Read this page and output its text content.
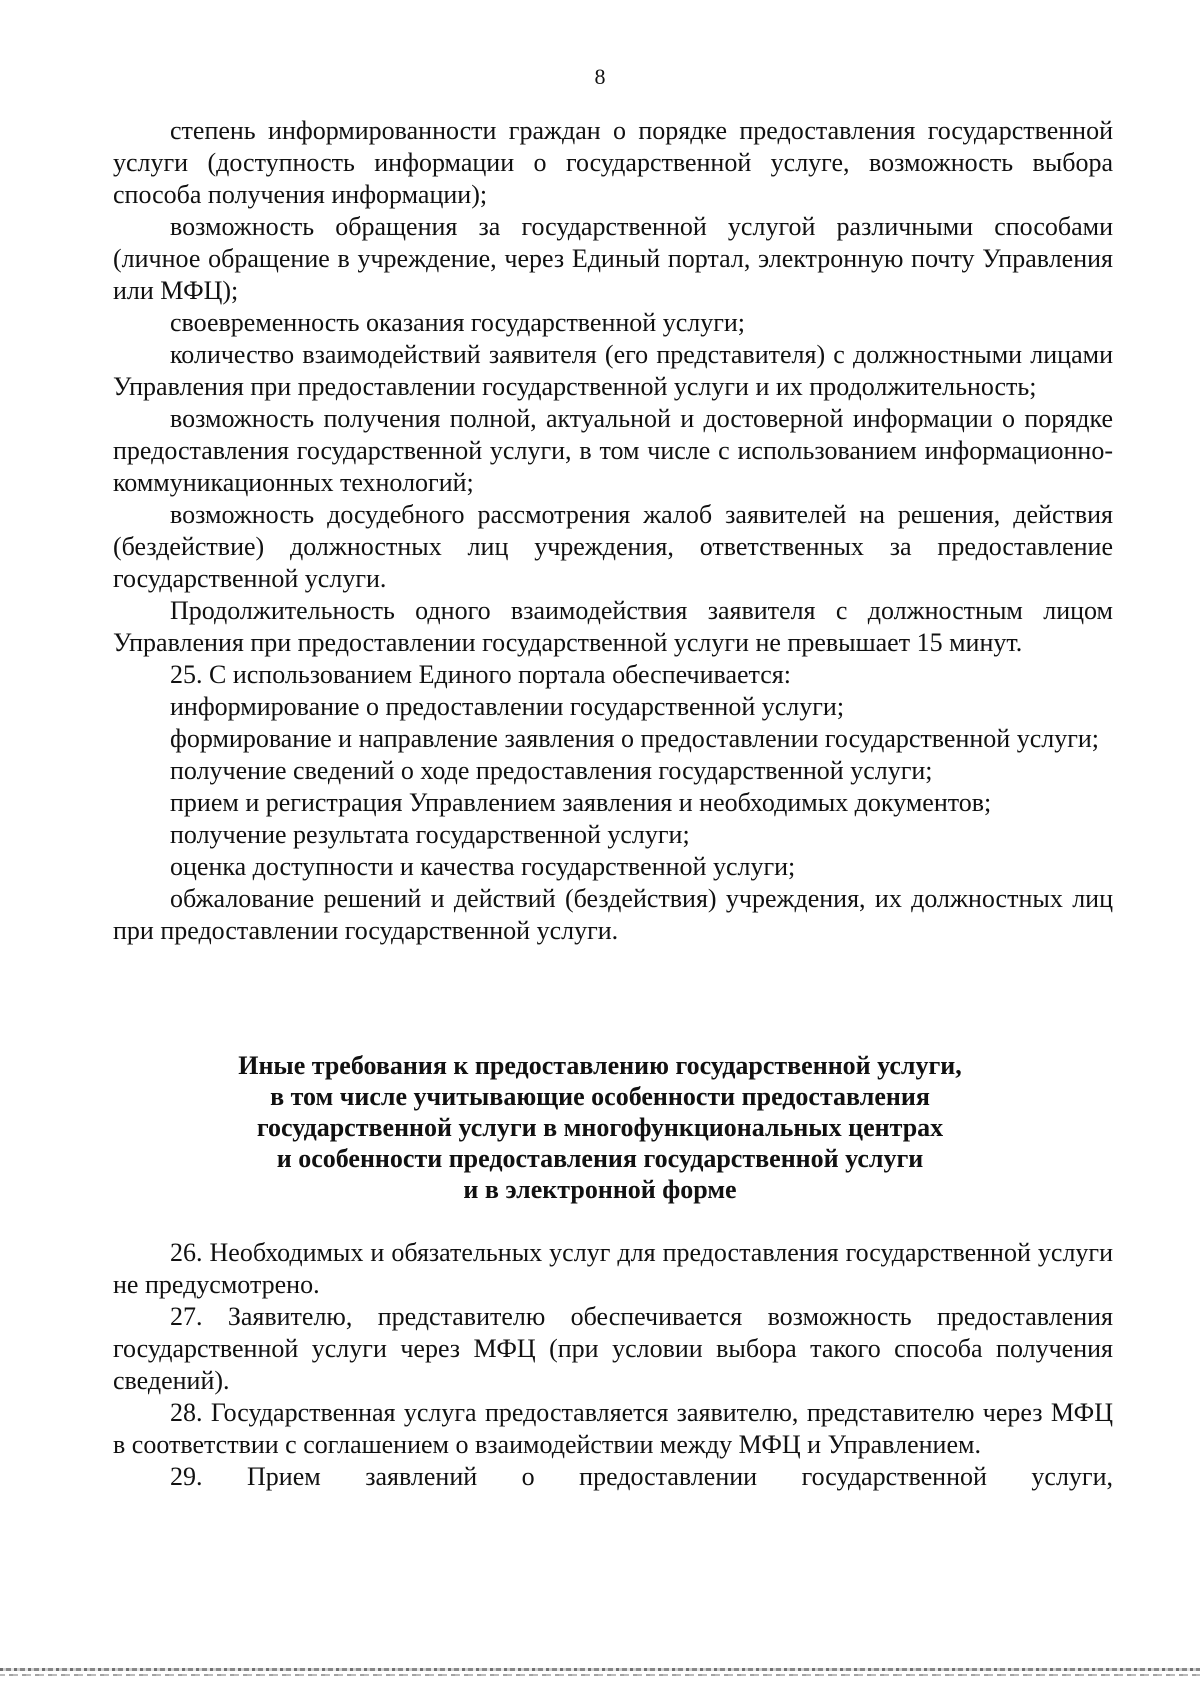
8

степень информированности граждан о порядке предоставления государственной услуги (доступность информации о государственной услуге, возможность выбора способа получения информации);

возможность обращения за государственной услугой различными способами (личное обращение в учреждение, через Единый портал, электронную почту Управления или МФЦ);

своевременность оказания государственной услуги;

количество взаимодействий заявителя (его представителя) с должностными лицами Управления при предоставлении государственной услуги и их продолжительность;

возможность получения полной, актуальной и достоверной информации о порядке предоставления государственной услуги, в том числе с использованием информационно-коммуникационных технологий;

возможность досудебного рассмотрения жалоб заявителей на решения, действия (бездействие) должностных лиц учреждения, ответственных за предоставление государственной услуги.

Продолжительность одного взаимодействия заявителя с должностным лицом Управления при предоставлении государственной услуги не превышает 15 минут.

25. С использованием Единого портала обеспечивается:

информирование о предоставлении государственной услуги;

формирование и направление заявления о предоставлении государственной услуги;

получение сведений о ходе предоставления государственной услуги;

прием и регистрация Управлением заявления и необходимых документов;

получение результата государственной услуги;

оценка доступности и качества государственной услуги;

обжалование решений и действий (бездействия) учреждения, их должностных лиц при предоставлении государственной услуги.

Иные требования к предоставлению государственной услуги,
в том числе учитывающие особенности предоставления
государственной услуги в многофункциональных центрах
и особенности предоставления государственной услуги
и в электронной форме

26. Необходимых и обязательных услуг для предоставления государственной услуги не предусмотрено.

27. Заявителю, представителю обеспечивается возможность предоставления государственной услуги через МФЦ (при условии выбора такого способа получения сведений).

28. Государственная услуга предоставляется заявителю, представителю через МФЦ в соответствии с соглашением о взаимодействии между МФЦ и Управлением.

29. Прием заявлений о предоставлении государственной услуги,
